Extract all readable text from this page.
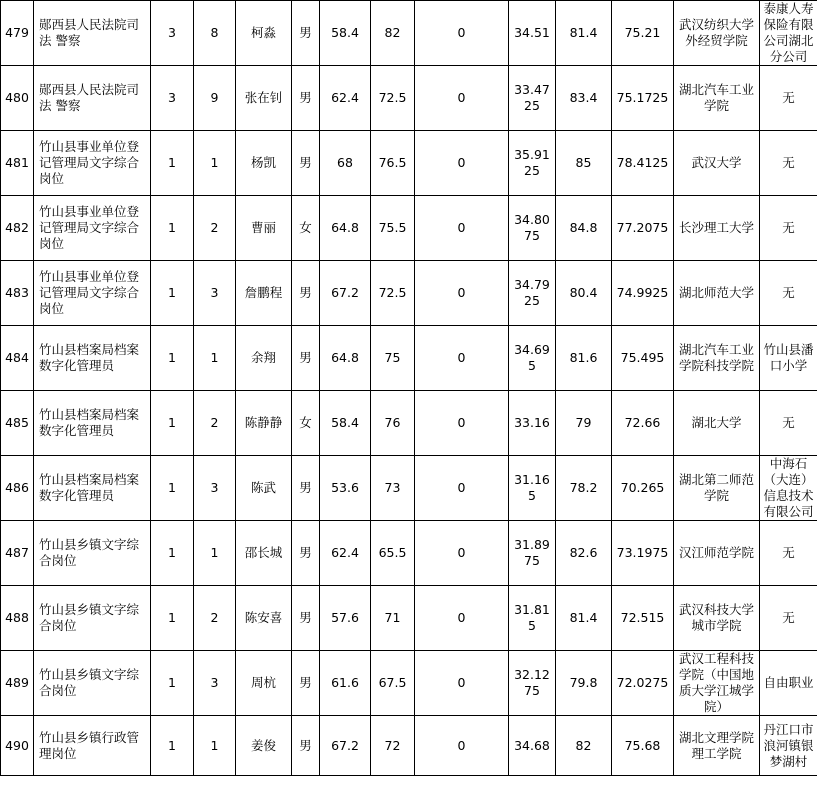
479	郧西县人民法院司法 警察	3	8	柯淼	男	58.4	82	0	34.51	81.4	75.21	武汉纺织大学外经贸学院	泰康人寿保险有限公司湖北分公司
480	郧西县人民法院司法 警察	3	9	张在钊	男	62.4	72.5	0	33.4725	83.4	75.1725	湖北汽车工业学院	无
481	竹山县事业单位登记管理局文字综合岗位	1	1	杨凯	男	68	76.5	0	35.9125	85	78.4125	武汉大学	无
482	竹山县事业单位登记管理局文字综合岗位	1	2	曹丽	女	64.8	75.5	0	34.8075	84.8	77.2075	长沙理工大学	无
483	竹山县事业单位登记管理局文字综合岗位	1	3	詹鹏程	男	67.2	72.5	0	34.7925	80.4	74.9925	湖北师范大学	无
484	竹山县档案局档案数字化管理员	1	1	余翔	男	64.8	75	0	34.695	81.6	75.495	湖北汽车工业学院科技学院	竹山县潘口小学
485	竹山县档案局档案数字化管理员	1	2	陈静静	女	58.4	76	0	33.16	79	72.66	湖北大学	无
486	竹山县档案局档案数字化管理员	1	3	陈武	男	53.6	73	0	31.165	78.2	70.265	湖北第二师范学院	中海石（大连）信息技术有限公司
487	竹山县乡镇文字综合岗位	1	1	邵长城	男	62.4	65.5	0	31.8975	82.6	73.1975	汉江师范学院	无
488	竹山县乡镇文字综合岗位	1	2	陈安喜	男	57.6	71	0	31.815	81.4	72.515	武汉科技大学城市学院	无
489	竹山县乡镇文字综合岗位	1	3	周杭	男	61.6	67.5	0	32.1275	79.8	72.0275	武汉工程科技学院（中国地质大学江城学院）	自由职业
490	竹山县乡镇行政管理岗位	1	1	姜俊	男	67.2	72	0	34.68	82	75.68	湖北文理学院理工学院	丹江口市浪河镇银梦湖村
